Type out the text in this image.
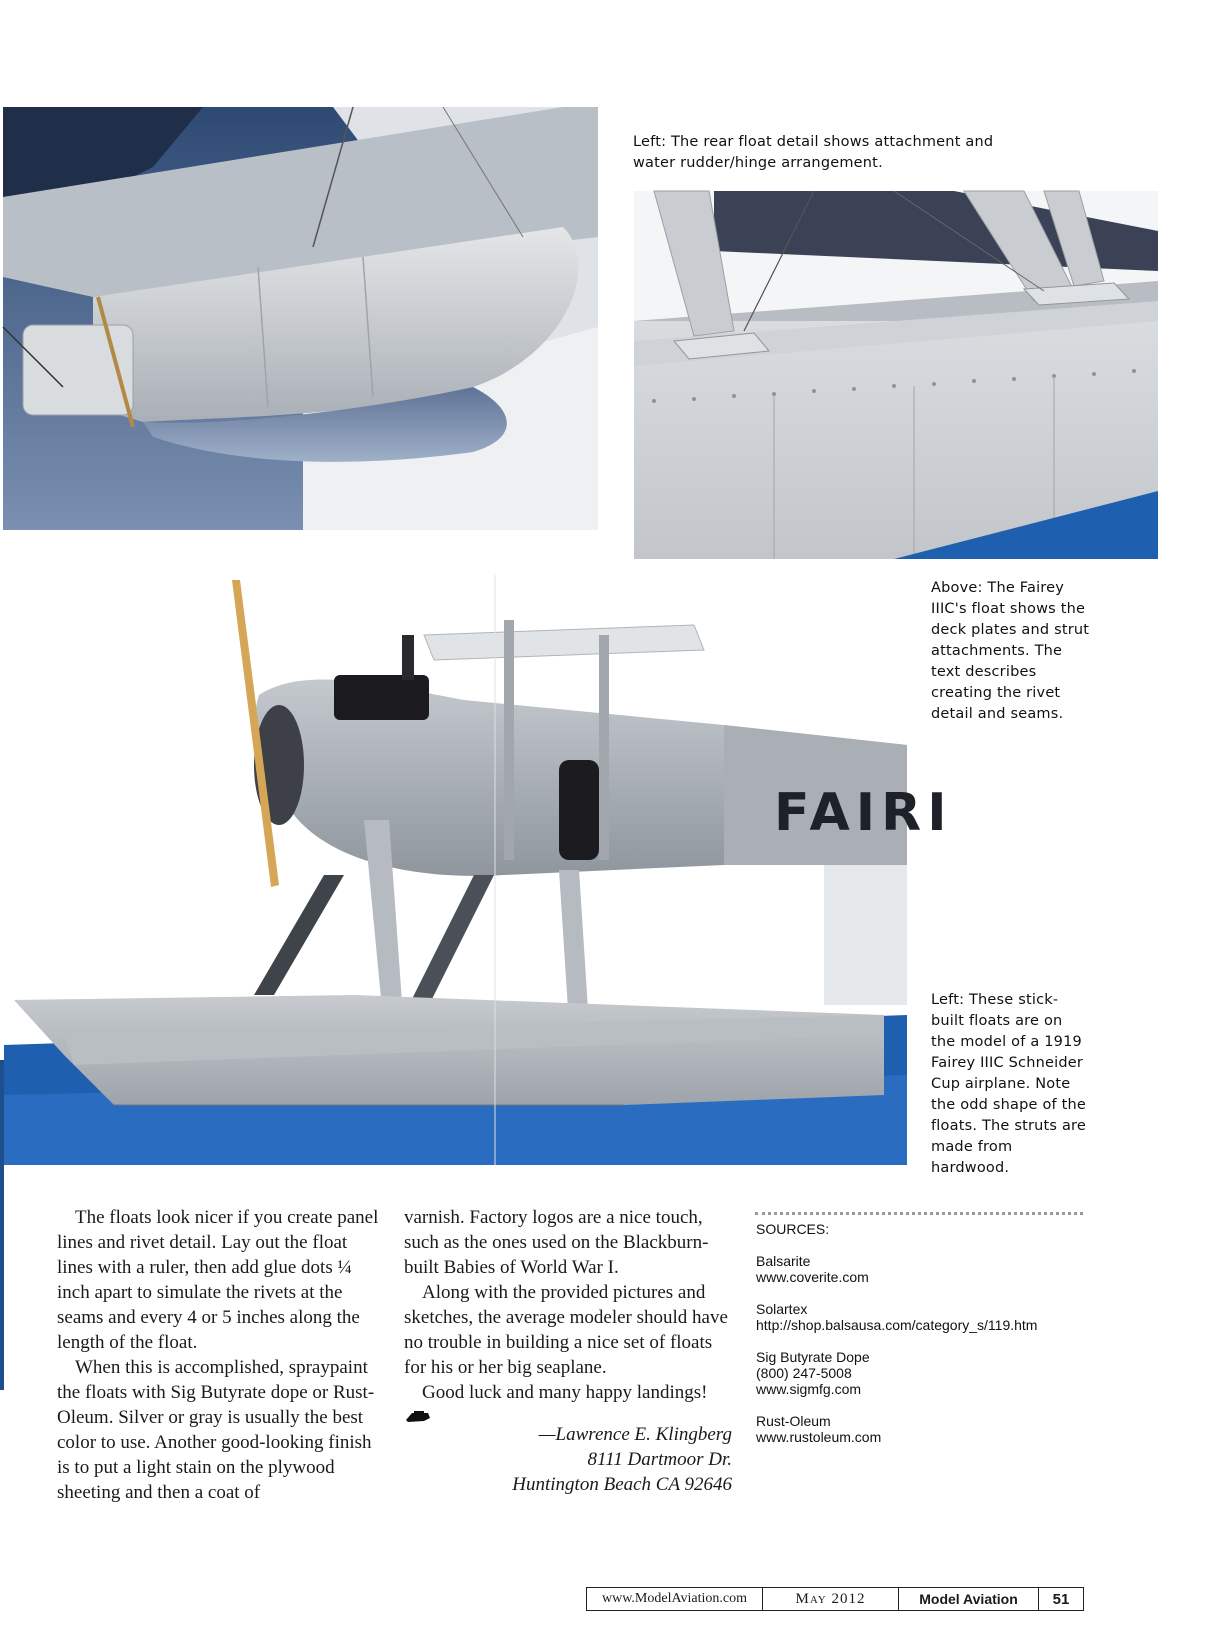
Left: The rear float detail shows attachment and water rudder/hinge arrangement.
Above: The Fairey IIIC's float shows the deck plates and strut attachments. The text describes creating the rivet detail and seams.
FAIRI
Left: These stick-built floats are on the model of a 1919 Fairey IIIC Schneider Cup airplane. Note the odd shape of the floats. The struts are made from hardwood.

The floats look nicer if you create panel lines and rivet detail. Lay out the float lines with a ruler, then add glue dots ¼ inch apart to simulate the rivets at the seams and every 4 or 5 inches along the length of the float.

When this is accomplished, spraypaint the floats with Sig Butyrate dope or Rust-Oleum. Silver or gray is usually the best color to use. Another good-looking finish is to put a light stain on the plywood sheeting and then a coat of

varnish. Factory logos are a nice touch, such as the ones used on the Blackburn-built Babies of World War I.

Along with the provided pictures and sketches, the average modeler should have no trouble in building a nice set of floats for his or her big seaplane.

Good luck and many happy landings!

—Lawrence E. Klingberg
8111 Dartmoor Dr.
Huntington Beach CA 92646
SOURCES:
Balsarite
www.coverite.com
Solartex
http://shop.balsausa.com/category_s/119.htm
Sig Butyrate Dope
(800) 247-5008
www.sigmfg.com
Rust-Oleum
www.rustoleum.com
www.ModelAviation.com	May 2012	Model Aviation	51
